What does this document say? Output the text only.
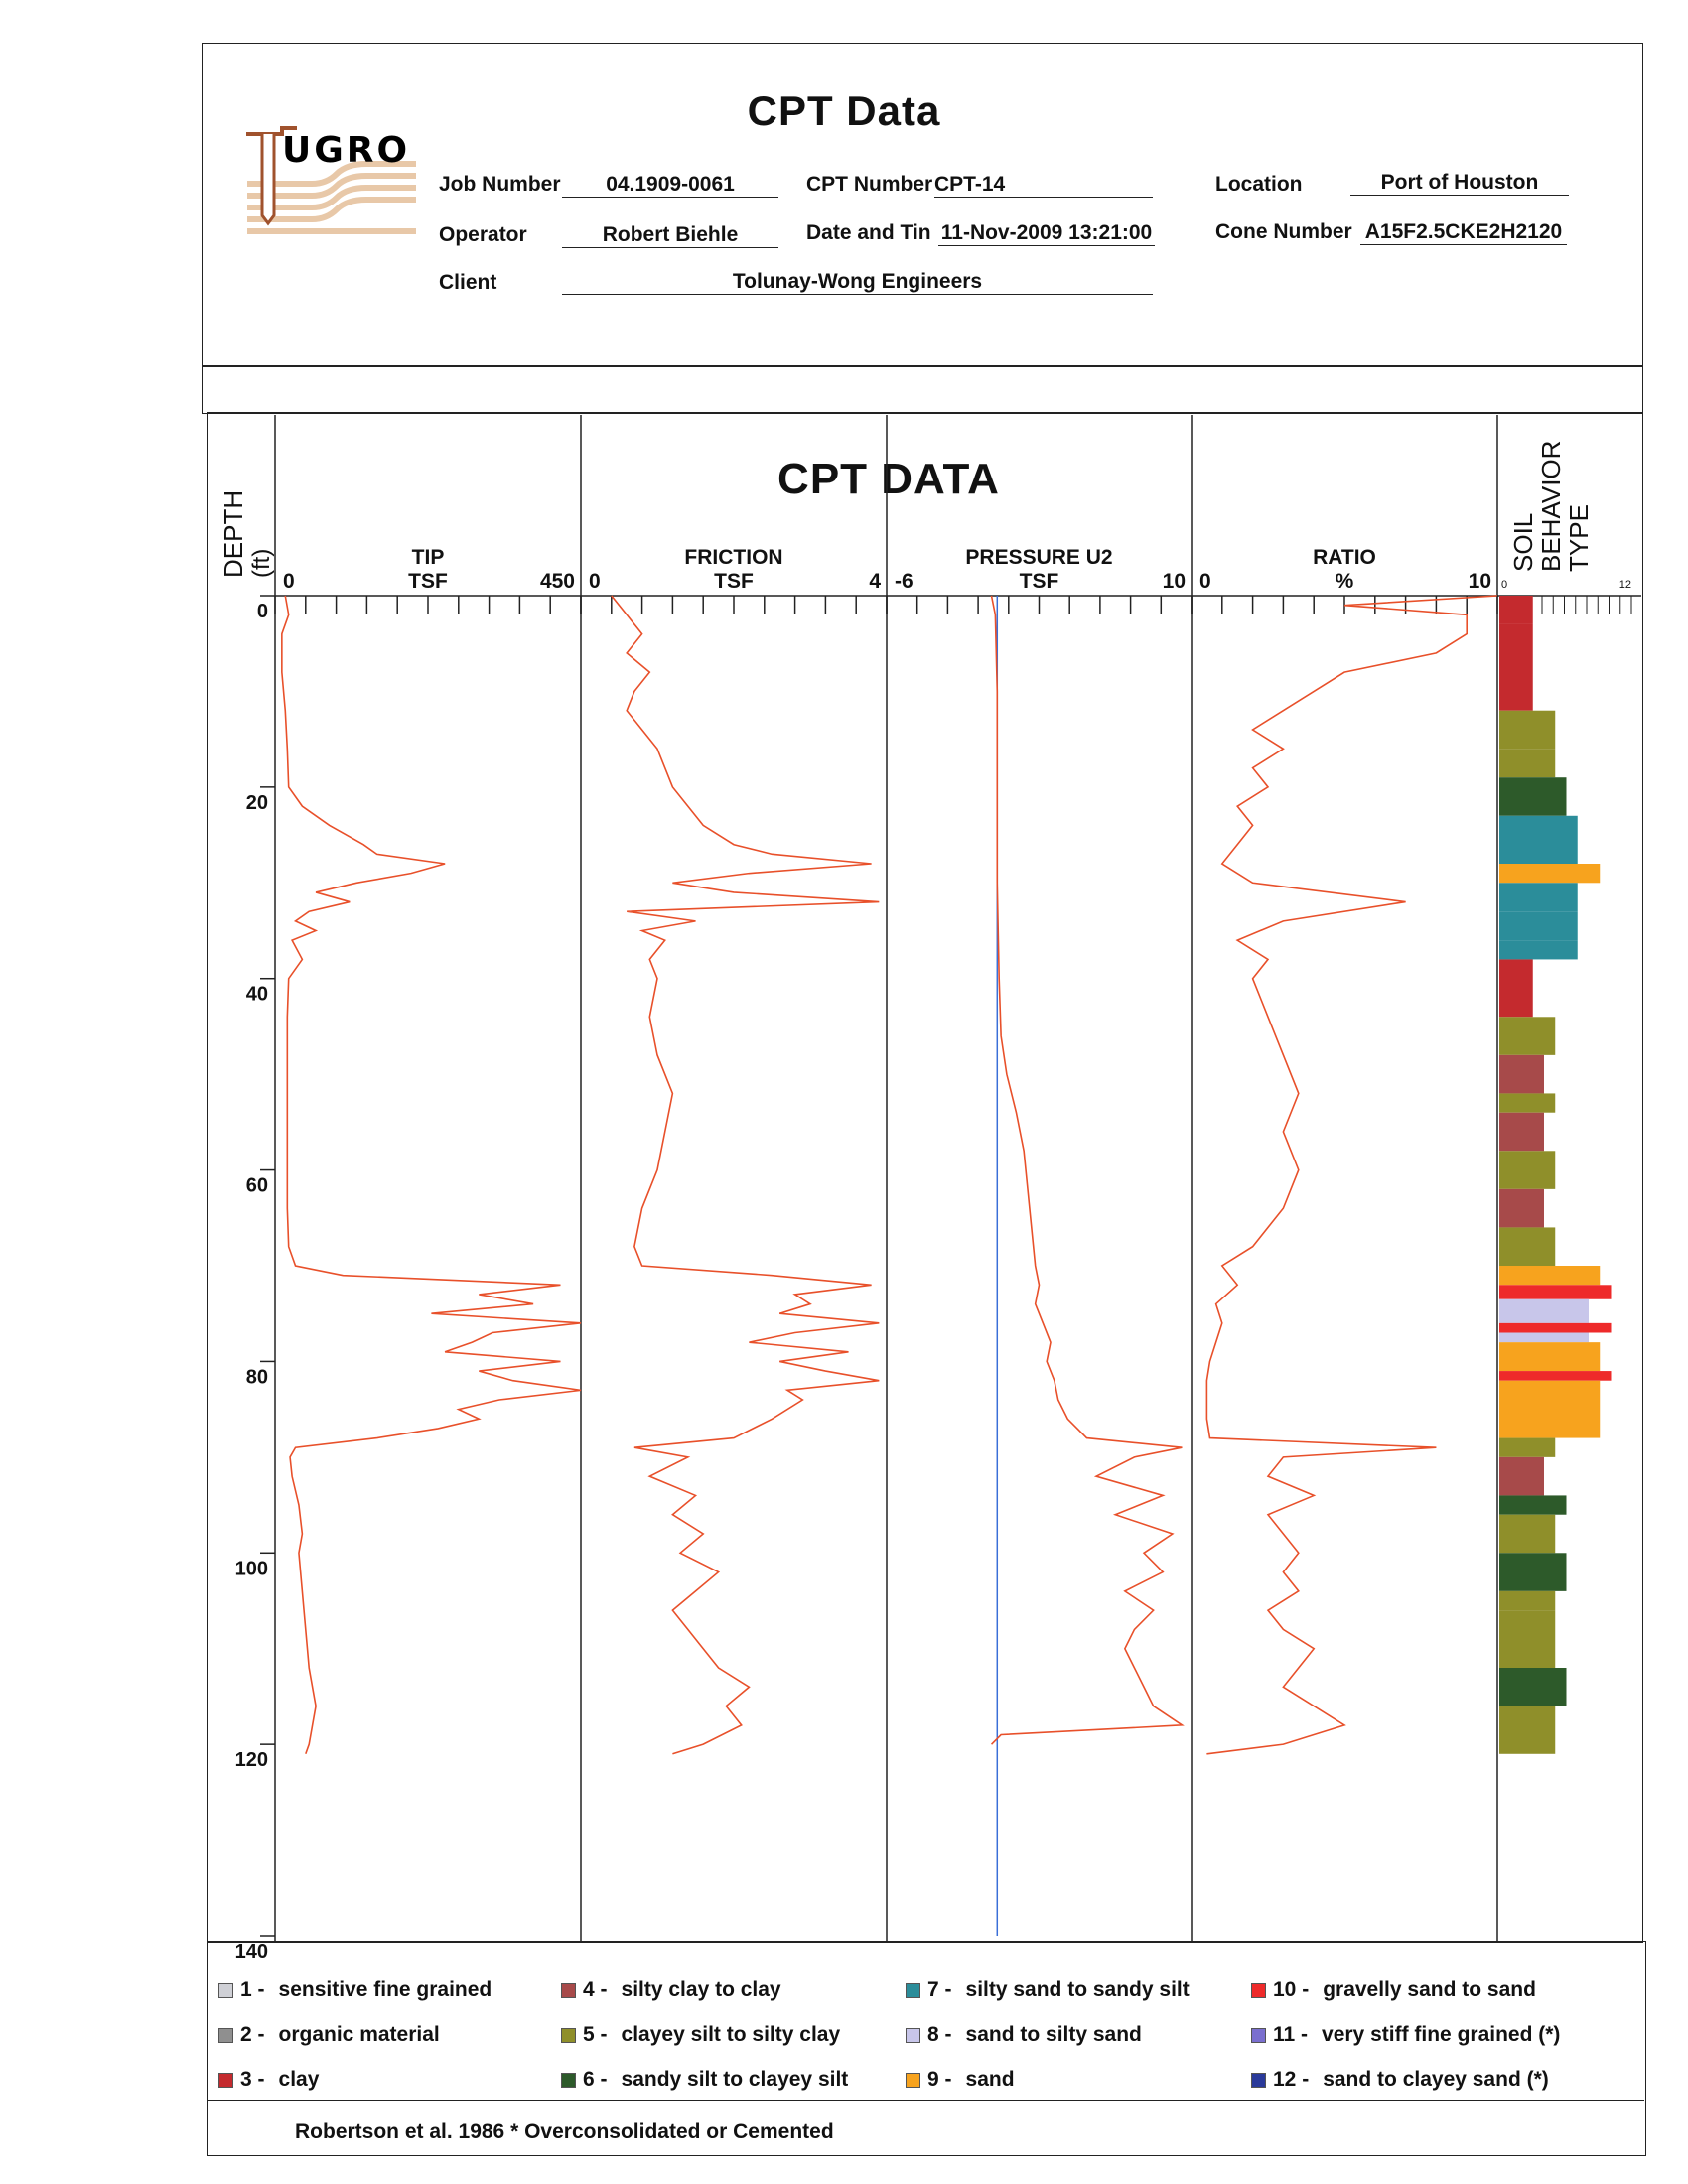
UGRO
CPT Data
Job Number	04.1909-0061	CPT Number CPT-14	Location	Port of Houston
Operator	Robert Biehle	Date and Tin 11-Nov-2009 13:21:00	Cone Number A15F2.5CKE2H2120
Client	Tolunay-Wong Engineers
CPT DATA
DEPTH (ft)	SOIL BEHAVIOR TYPE
0
20
40
60
80
100
120
140
TIP
TSF
0	450
FRICTION
TSF
0	4
PRESSURE U2
TSF
-6	10
RATIO
%
0	10 0	12
1 - sensitive fine grained
2 - organic material
3 - clay
4 - silty clay to clay
5 - clayey silt to silty clay
6 - sandy silt to clayey silt
7 - silty sand to sandy silt
8 - sand to silty sand
9 - sand
10 - gravelly sand to sand
11 - very stiff fine grained (*)
12 - sand to clayey sand (*)
Robertson et al. 1986 * Overconsolidated or Cemented
